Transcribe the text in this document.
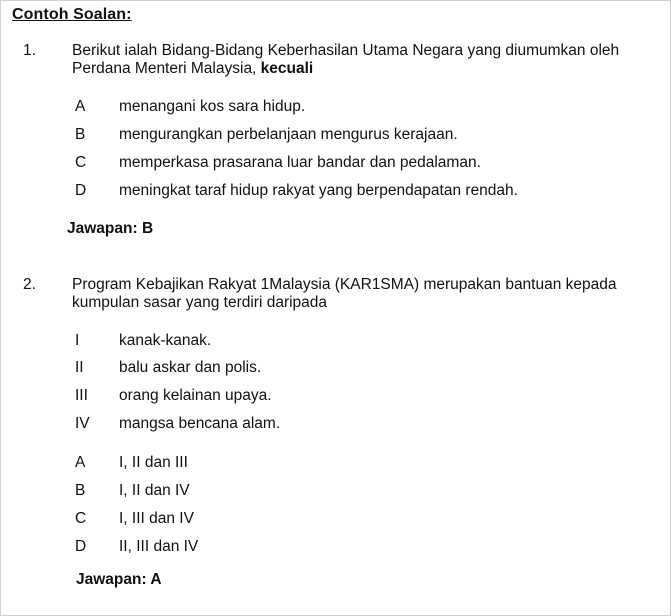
Contoh Soalan:
1. Berikut ialah Bidang-Bidang Keberhasilan Utama Negara yang diumumkan oleh
Perdana Menteri Malaysia, kecuali
A menangani kos sara hidup.
B mengurangkan perbelanjaan mengurus kerajaan.
C memperkasa prasarana luar bandar dan pedalaman.
D meningkat taraf hidup rakyat yang berpendapatan rendah.
Jawapan: B
2. Program Kebajikan Rakyat 1Malaysia (KAR1SMA) merupakan bantuan kepada
kumpulan sasar yang terdiri daripada
I	kanak-kanak.
II balu askar dan polis.
III orang kelainan upaya.
IV mangsa bencana alam.
A I, II dan III
B I, II dan IV
C I, III dan IV
D II, III dan IV
Jawapan: A
